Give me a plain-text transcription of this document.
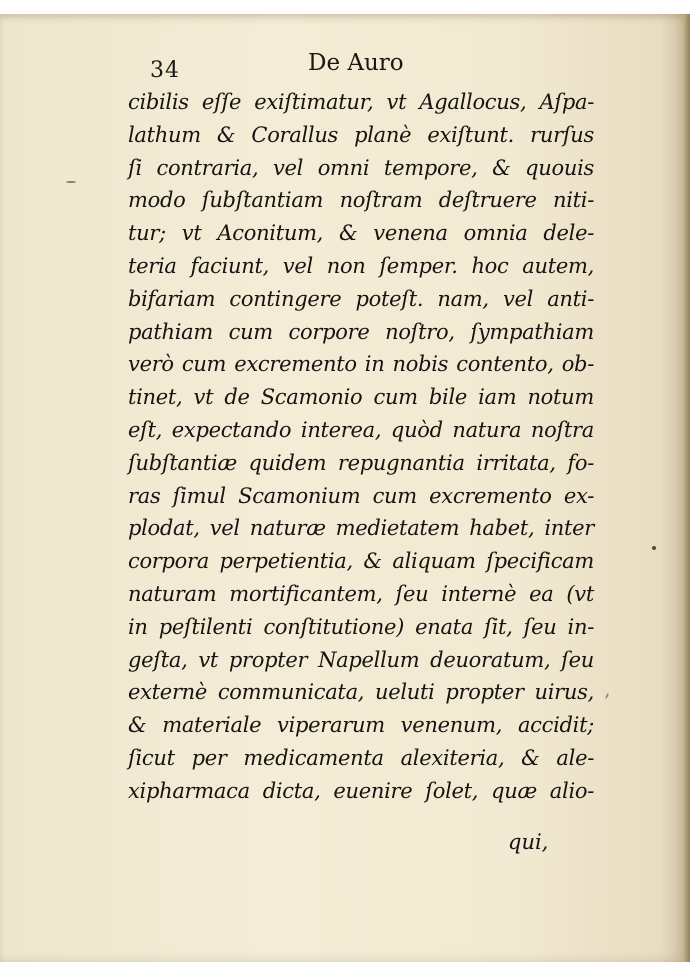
34	De Auro
cibilis eſſe exiſtimatur, vt Agallocus, Aſpa-
lathum & Corallus planè exiſtunt. rurſus
ſi contraria, vel omni tempore, & quouis
modo ſubſtantiam noſtram deſtruere niti-
tur; vt Aconitum, & venena omnia dele-
teria faciunt, vel non ſemper. hoc autem,
bifariam contingere poteſt. nam, vel anti-
pathiam cum corpore noſtro, ſympathiam
verò cum excremento in nobis contento, ob-
tinet, vt de Scamonio cum bile iam notum
eſt, expectando interea, quòd natura noſtra
ſubſtantiæ quidem repugnantia irritata, fo-
ras ſimul Scamonium cum excremento ex-
plodat, vel naturæ medietatem habet, inter
corpora perpetientia, & aliquam ſpecificam
naturam mortificantem, ſeu internè ea (vt
in peſtilenti conſtitutione) enata ſit, ſeu in-
geſta, vt propter Napellum deuoratum, ſeu
externè communicata, ueluti propter uirus,
& materiale viperarum venenum, accidit;
ſicut per medicamenta alexiteria, & ale-
xipharmaca dicta, euenire ſolet, quæ alio-
qui,
